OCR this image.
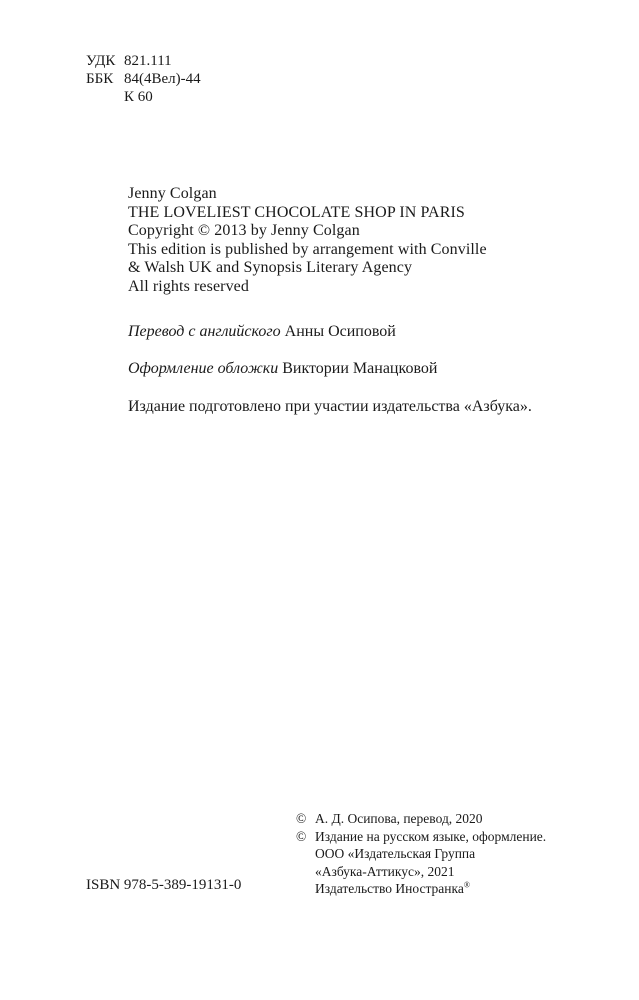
УДК 821.111
ББК 84(4Вел)-44
К 60
Jenny Colgan
THE LOVELIEST CHOCOLATE SHOP IN PARIS
Copyright © 2013 by Jenny Colgan
This edition is published by arrangement with Conville
& Walsh UK and Synopsis Literary Agency
All rights reserved
Перевод с английского Анны Осиповой
Оформление обложки Виктории Манацковой
Издание подготовлено при участии издательства «Азбука».
ISBN 978-5-389-19131-0
© А. Д. Осипова, перевод, 2020
© Издание на русском языке, оформление.
ООО «Издательская Группа
«Азбука-Аттикус», 2021
Издательство Иностранка®
